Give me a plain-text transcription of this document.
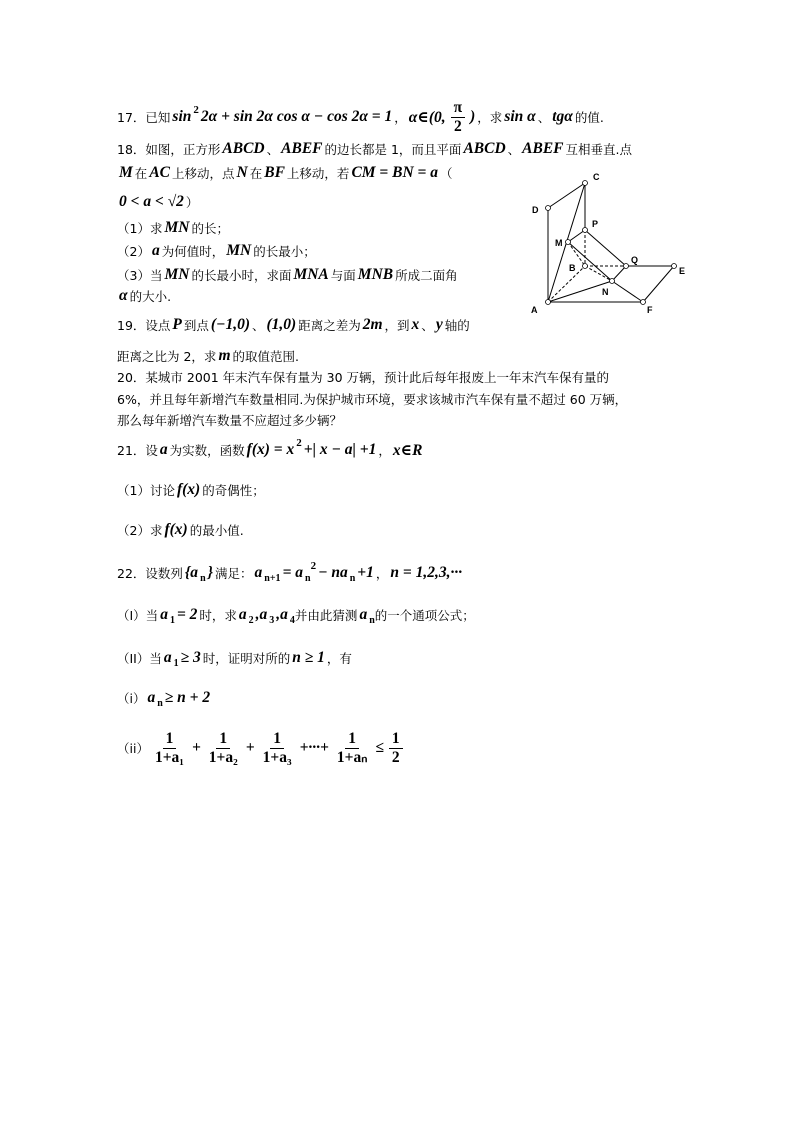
17．已知 sin 2 2α + sin 2α cos α − cos 2α = 1 ， α∈(0, $\frac{\pi}{2}$ ) ，求 sin α 、 tgα 的值.
18．如图，正方形 ABCD 、 ABEF 的边长都是 1，而且平面 ABCD 、 ABEF 互相垂直.点
M 在 AC 上移动，点 N 在 BF 上移动，若 CM = BN = a （
0 < a < √2 ）
（1）求 MN 的长；
（2） a 为何值时， MN 的长最小；
（3）当 MN 的长最小时，求面 MNA 与面 MNB 所成二面角
α 的大小.
19．设点 P 到点 (−1,0) 、 (1,0) 距离之差为 2m ，到 x 、 y 轴的
距离之比为 2，求 m 的取值范围.
20．某城市 2001 年末汽车保有量为 30 万辆，预计此后每年报废上一年末汽车保有量的
6%，并且每年新增汽车数量相同.为保护城市环境，要求该城市汽车保有量不超过 60 万辆，
那么每年新增汽车数量不应超过多少辆？
21．设 a 为实数，函数 f(x) = x 2 +| x − a| +1 ， x∈R
（1）讨论 f(x) 的奇偶性；
（2）求 f(x) 的最小值.
22．设数列 {a n } 满足： a n+1 = a n
2 − na n +1 ， n = 1,2,3,···
（I）当 a 1 = 2 时，求 a 2 ,a 3 ,a 4 并由此猜测 a n 的一个通项公式；
（II）当 a 1 ≥ 3 时，证明对所的 n ≥ 1 ，有
（i） a n ≥ n + 2
$(ii) \frac{1}{\text{1+a₁}} + \frac{1}{\text{1+a₂}} + \frac{1}{\text{1+a₃}}$ +···+ $\frac{1}{\text{1+aₙ}} \le \frac{1}{2}$
C
D
P
M
B
Q
E
N
A	F
